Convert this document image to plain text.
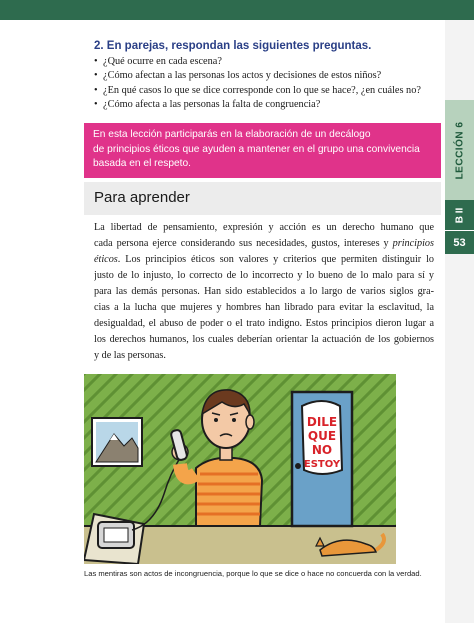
LECCIÓN 6
B II
53
2. En parejas, respondan las siguientes preguntas.
• ¿Qué ocurre en cada escena?
• ¿Cómo afectan a las personas los actos y decisiones de estos niños?
• ¿En qué casos lo que se dice corresponde con lo que se hace?, ¿en cuáles no?
• ¿Cómo afecta a las personas la falta de congruencia?
En esta lección participarás en la elaboración de un decálogo
de principios éticos que ayuden a mantener en el grupo una convivencia
basada en el respeto.
Para aprender
La libertad de pensamiento, expresión y acción es un derecho humano que
cada persona ejerce considerando sus necesidades, gustos, intereses y principios
éticos. Los principios éticos son valores y criterios que permiten distinguir lo
justo de lo injusto, lo correcto de lo incorrecto y lo bueno de lo malo para sí y
para las demás personas. Han sido establecidos a lo largo de varios siglos gra-
cias a la lucha que mujeres y hombres han librado para evitar la esclavitud, la
desigualdad, el abuso de poder o el trato indigno. Estos principios dieron lugar a
los derechos humanos, los cuales deberían orientar la actuación de los gobiernos
y de las personas.
DILE
QUE
NO
ESTOY
Las mentiras son actos de incongruencia, porque lo que se dice o hace no concuerda con la verdad.
